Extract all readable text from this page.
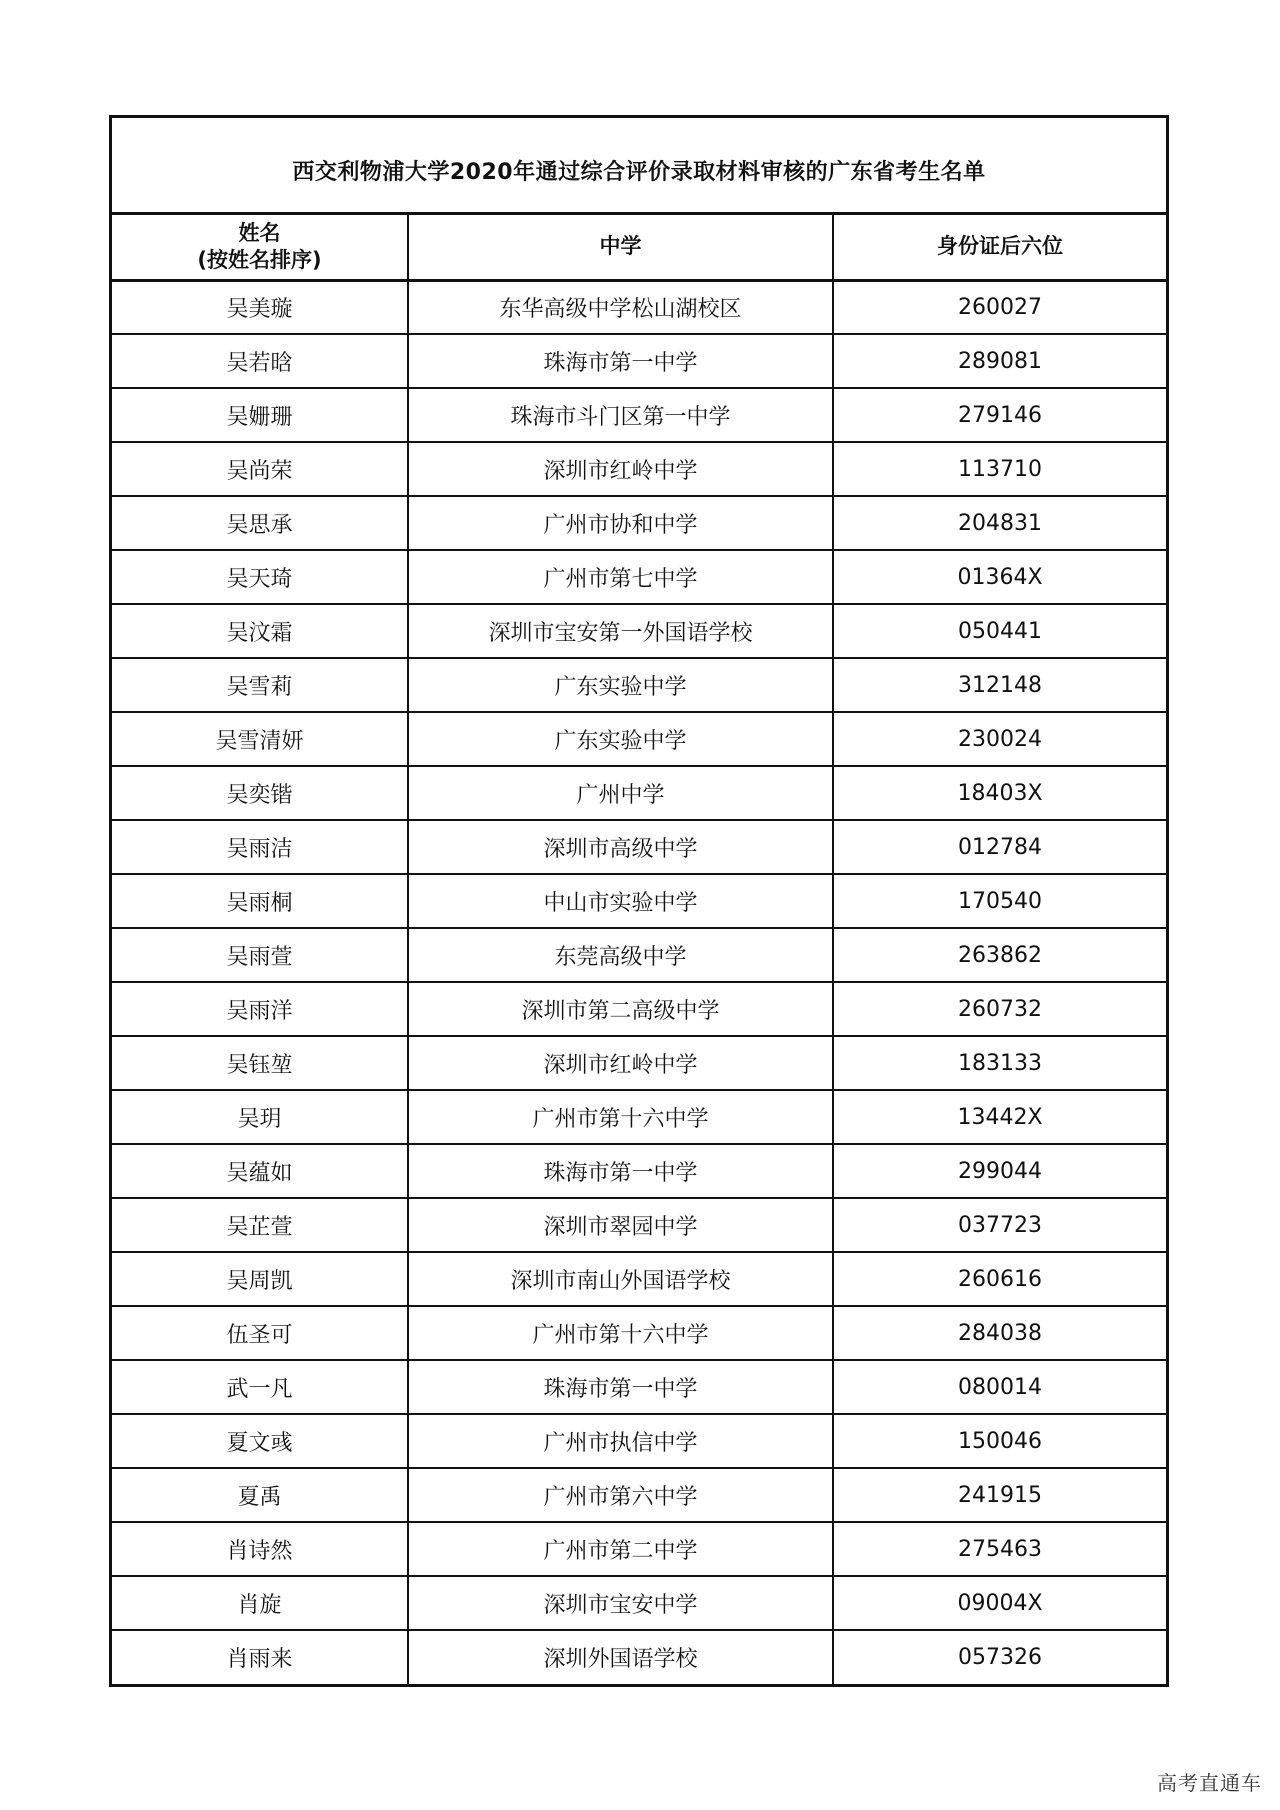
西交利物浦大学2020年通过综合评价录取材料审核的广东省考生名单
姓名
(按姓名排序)	中学	身份证后六位
吴美璇	东华高级中学松山湖校区	260027
吴若晗	珠海市第一中学	289081
吴姗珊	珠海市斗门区第一中学	279146
吴尚荣	深圳市红岭中学	113710
吴思承	广州市协和中学	204831
吴天琦	广州市第七中学	01364X
吴汶霜	深圳市宝安第一外国语学校	050441
吴雪莉	广东实验中学	312148
吴雪清妍	广东实验中学	230024
吴奕锴	广州中学	18403X
吴雨洁	深圳市高级中学	012784
吴雨桐	中山市实验中学	170540
吴雨萱	东莞高级中学	263862
吴雨洋	深圳市第二高级中学	260732
吴钰堃	深圳市红岭中学	183133
吴玥	广州市第十六中学	13442X
吴蕴如	珠海市第一中学	299044
吴芷萱	深圳市翠园中学	037723
吴周凯	深圳市南山外国语学校	260616
伍圣可	广州市第十六中学	284038
武一凡	珠海市第一中学	080014
夏文彧	广州市执信中学	150046
夏禹	广州市第六中学	241915
肖诗然	广州市第二中学	275463
肖旋	深圳市宝安中学	09004X
肖雨来	深圳外国语学校	057326
高考直通车
